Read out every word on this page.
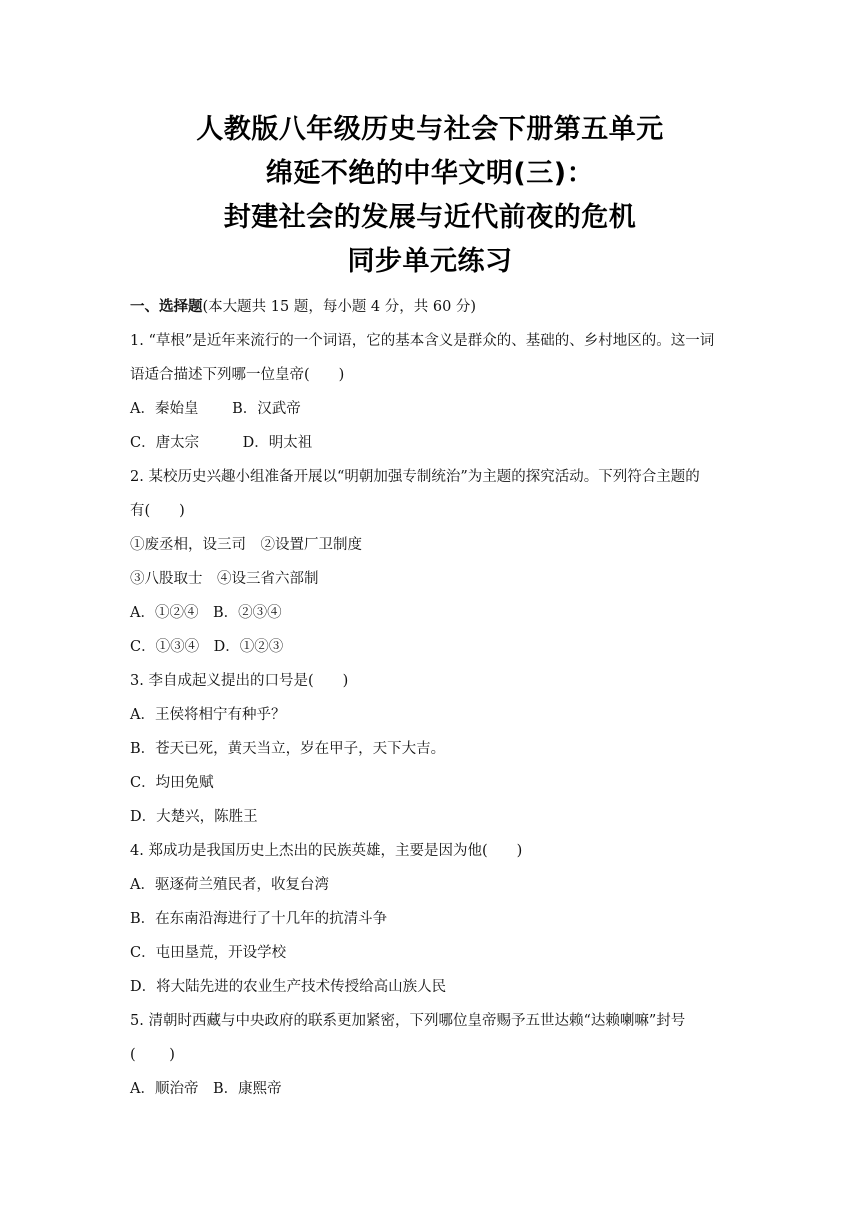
人教版八年级历史与社会下册第五单元
绵延不绝的中华文明(三)：
封建社会的发展与近代前夜的危机
同步单元练习
一、选择题(本大题共 15 题，每小题 4 分，共 60 分)
1. “草根”是近年来流行的一个词语，它的基本含义是群众的、基础的、乡村地区的。这一词
语适合描述下列哪一位皇帝(　　)
A．秦始皇　　 B．汉武帝
C．唐太宗　　　D．明太祖
2. 某校历史兴趣小组准备开展以“明朝加强专制统治”为主题的探究活动。下列符合主题的
有(　　)
①废丞相，设三司　②设置厂卫制度
③八股取士　④设三省六部制
A．①②④　B．②③④
C．①③④　D．①②③
3. 李自成起义提出的口号是(　　)
A．王侯将相宁有种乎？
B．苍天已死，黄天当立，岁在甲子，天下大吉。
C．均田免赋
D．大楚兴，陈胜王
4. 郑成功是我国历史上杰出的民族英雄，主要是因为他(　　)
A．驱逐荷兰殖民者，收复台湾
B．在东南沿海进行了十几年的抗清斗争
C．屯田垦荒，开设学校
D．将大陆先进的农业生产技术传授给高山族人民
5. 清朝时西藏与中央政府的联系更加紧密，下列哪位皇帝赐予五世达赖“达赖喇嘛”封号
(　　 )
A．顺治帝　B．康熙帝
